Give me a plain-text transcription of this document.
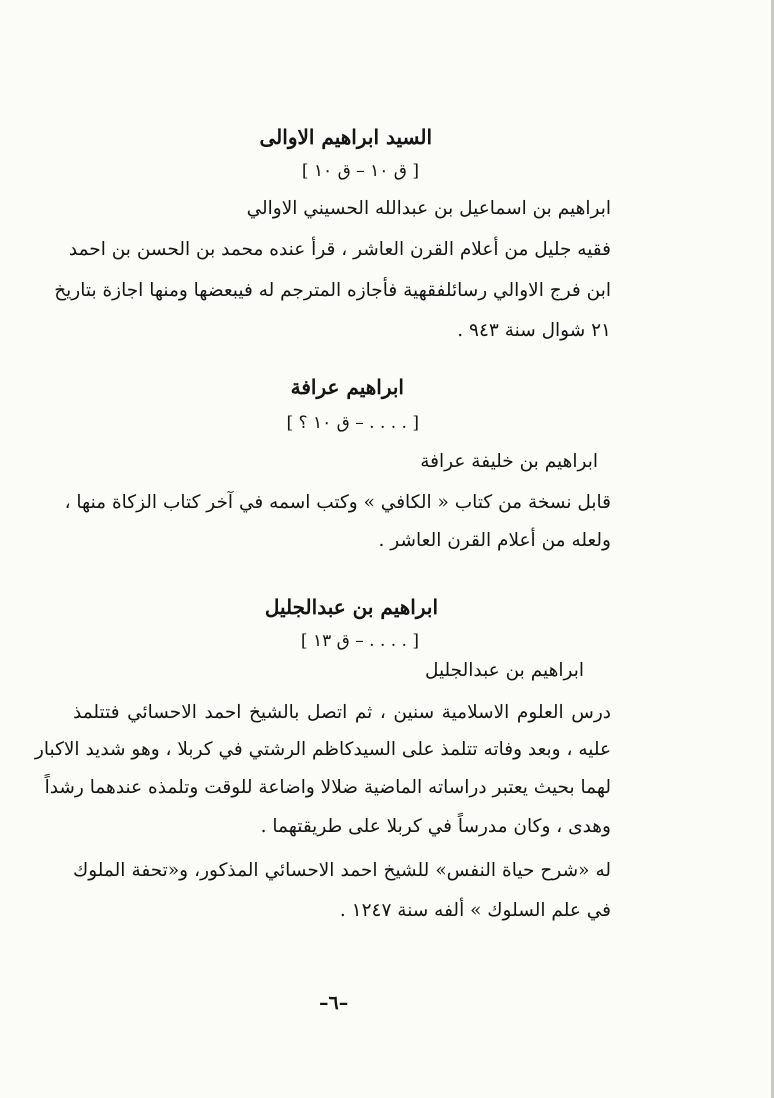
السيد ابراهيم الاوالى
[ ق ١٠ – ق ١٠ ]
ابراهيم بن اسماعيل بن عبدالله الحسيني الاوالي
فقيه جليل من أعلام القرن العاشر ، قرأ عنده محمد بن الحسن بن احمد
ابن فرج الاوالي رسائلفقهية فأجازه المترجم له فيبعضها ومنها اجازة بتاريخ
٢١ شوال سنة ٩٤٣ .
ابراهيم عرافة
[ . . . . – ق ١٠ ؟ ]
ابراهيم بن خليفة عرافة
قابل نسخة من كتاب « الكافي » وكتب اسمه في آخر كتاب الزكاة منها ،
ولعله من أعلام القرن العاشر .
ابراهيم بن عبدالجليل
[ . . . . – ق ١٣ ]
ابراهيم بن عبدالجليل
درس العلوم الاسلامية سنين ، ثم اتصل بالشيخ احمد الاحسائي فتتلمذ
عليه ، وبعد وفاته تتلمذ على السيدكاظم الرشتي في كربلا ، وهو شديد الاكبار
لهما بحيث يعتبر دراساته الماضية ضلالا واضاعة للوقت وتلمذه عندهما رشداً
وهدى ، وكان مدرساً في كربلا على طريقتهما .
له «شرح حياة النفس» للشيخ احمد الاحسائي المذكور، و«تحفة الملوك
في علم السلوك » ألفه سنة ١٢٤٧ .
–٦–
